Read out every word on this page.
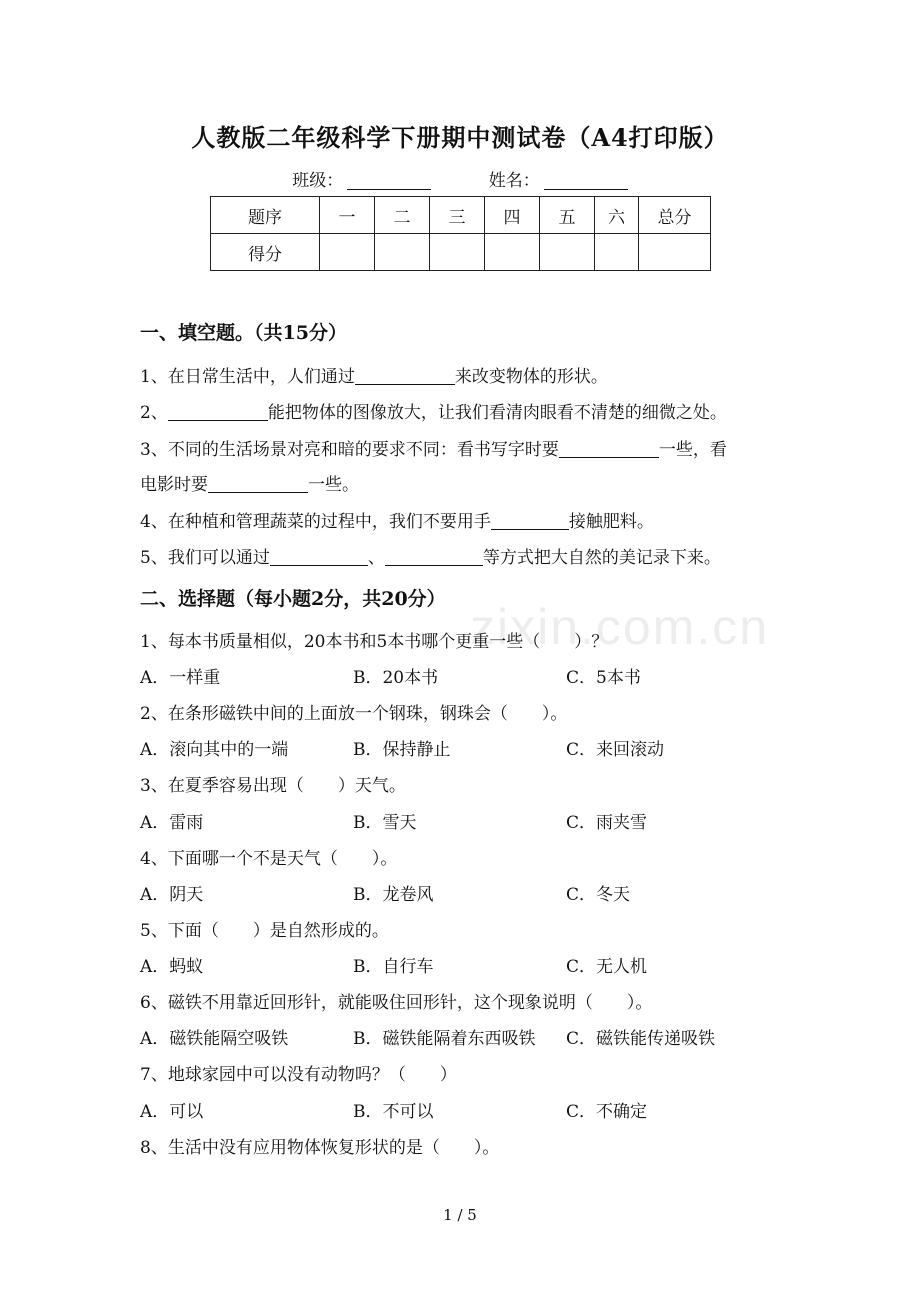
人教版二年级科学下册期中测试卷（A4打印版）
班级：	姓名：
题序	一	二	三	四	五	六	总分
得分							
zixin.com.cn
一、填空题。（共15分）
1、在日常生活中，人们通过	来改变物体的形状。
2、	能把物体的图像放大，让我们看清肉眼看不清楚的细微之处。
3、不同的生活场景对亮和暗的要求不同：看书写字时要	一些，看
电影时要	一些。
4、在种植和管理蔬菜的过程中，我们不要用手	接触肥料。
5、我们可以通过	、	等方式把大自然的美记录下来。
二、选择题（每小题2分，共20分）
1、每本书质量相似，20本书和5本书哪个更重一些（　　）？
A．一样重	B．20本书	C．5本书
2、在条形磁铁中间的上面放一个钢珠，钢珠会（　　）。
A．滚向其中的一端	B．保持静止	C．来回滚动
3、在夏季容易出现（　　）天气。
A．雷雨	B．雪天	C．雨夹雪
4、下面哪一个不是天气（　　）。
A．阴天	B．龙卷风	C．冬天
5、下面（　　）是自然形成的。
A．蚂蚁	B．自行车	C．无人机
6、磁铁不用靠近回形针，就能吸住回形针，这个现象说明（　　）。
A．磁铁能隔空吸铁	B．磁铁能隔着东西吸铁 C．磁铁能传递吸铁
7、地球家园中可以没有动物吗？（　　）
A．可以	B．不可以	C．不确定
8、生活中没有应用物体恢复形状的是（　　）。
1 / 5
